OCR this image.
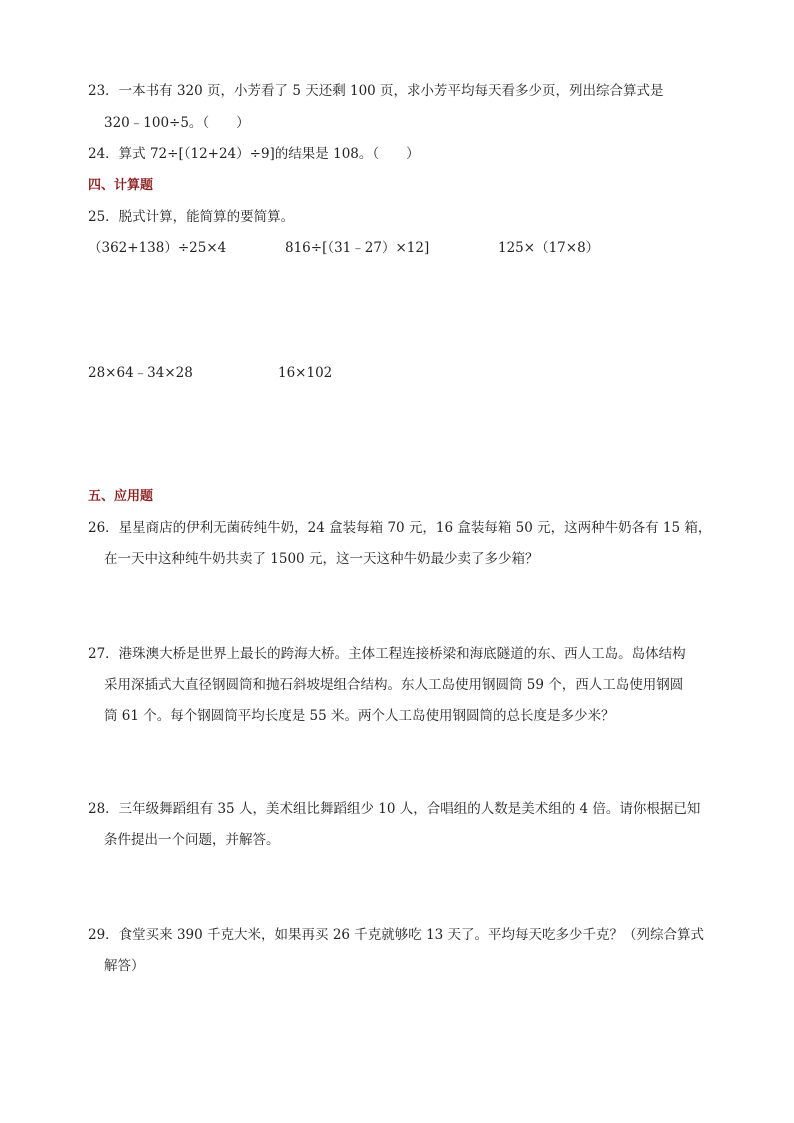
23．一本书有 320 页，小芳看了 5 天还剩 100 页，求小芳平均每天看多少页，列出综合算式是
320﹣100÷5。（　　）
24．算式 72÷[（12+24）÷9]的结果是 108。（　　）
四、计算题
25．脱式计算，能简算的要简算。
（362+138）÷25×4	816÷[（31﹣27）×12]	125×（17×8）
28×64﹣34×28	16×102
五、应用题
26．星星商店的伊利无菌砖纯牛奶，24 盒装每箱 70 元，16 盒装每箱 50 元，这两种牛奶各有 15 箱，
在一天中这种纯牛奶共卖了 1500 元，这一天这种牛奶最少卖了多少箱？
27．港珠澳大桥是世界上最长的跨海大桥。主体工程连接桥梁和海底隧道的东、西人工岛。岛体结构
采用深插式大直径钢圆筒和抛石斜坡堤组合结构。东人工岛使用钢圆筒 59 个，西人工岛使用钢圆
筒 61 个。每个钢圆筒平均长度是 55 米。两个人工岛使用钢圆筒的总长度是多少米？
28．三年级舞蹈组有 35 人，美术组比舞蹈组少 10 人，合唱组的人数是美术组的 4 倍。请你根据已知
条件提出一个问题，并解答。
29．食堂买来 390 千克大米，如果再买 26 千克就够吃 13 天了。平均每天吃多少千克？（列综合算式
解答）
